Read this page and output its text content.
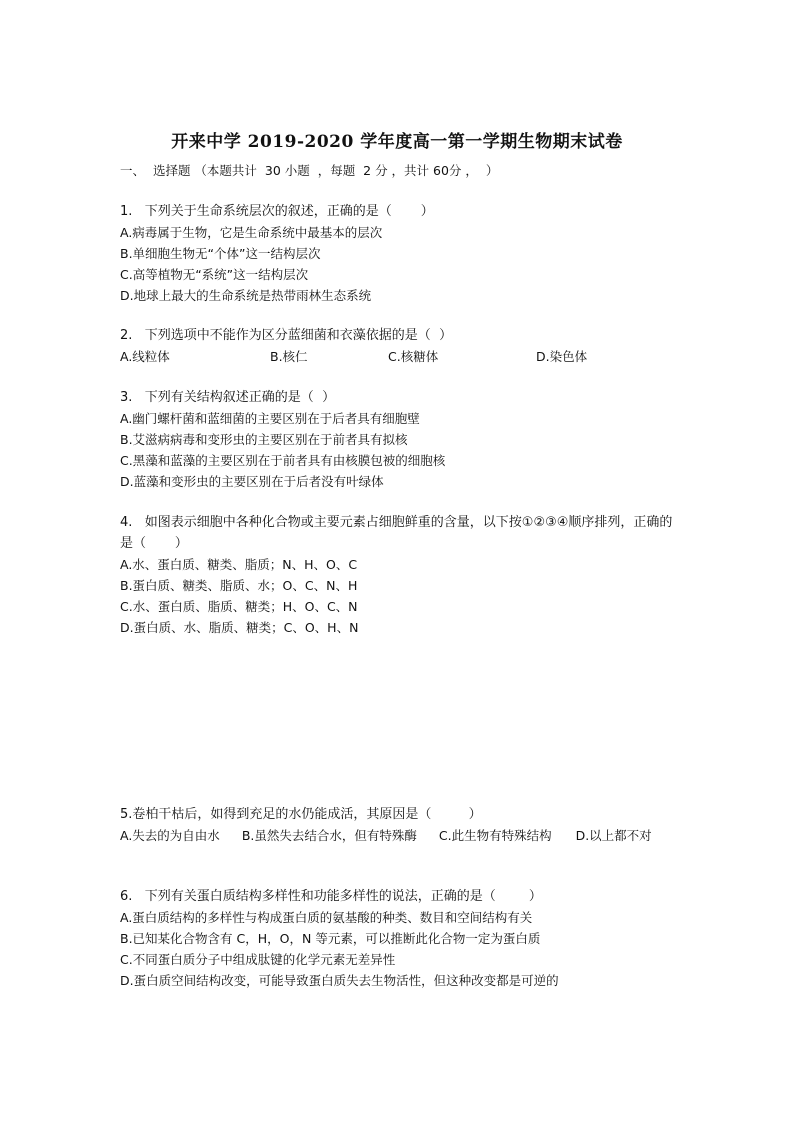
开来中学 2019-2020 学年度高一第一学期生物期末试卷
一、  选择题 （本题共计  30 小题  ，每题  2 分 ，共计 60分 ，  ）
1.   下列关于生命系统层次的叙述，正确的是（       ）
A.病毒属于生物，它是生命系统中最基本的层次
B.单细胞生物无“个体”这一结构层次
C.高等植物无“系统”这一结构层次
D.地球上最大的生命系统是热带雨林生态系统
2.   下列选项中不能作为区分蓝细菌和衣藻依据的是（  ）
A.线粒体	B.核仁	C.核糖体	D.染色体
3.   下列有关结构叙述正确的是（  ）
A.幽门螺杆菌和蓝细菌的主要区别在于后者具有细胞壁
B.艾滋病病毒和变形虫的主要区别在于前者具有拟核
C.黑藻和蓝藻的主要区别在于前者具有由核膜包被的细胞核
D.蓝藻和变形虫的主要区别在于后者没有叶绿体
4.   如图表示细胞中各种化合物或主要元素占细胞鲜重的含量，以下按①②③④顺序排列，正确的是（       ）
A.水、蛋白质、糖类、脂质；N、H、O、C
B.蛋白质、糖类、脂质、水；O、C、N、H
C.水、蛋白质、脂质、糖类；H、O、C、N
D.蛋白质、水、脂质、糖类；C、O、H、N
5.卷柏干枯后，如得到充足的水仍能成活，其原因是（         ）
A.失去的为自由水 B.虽然失去结合水，但有特殊酶 C.此生物有特殊结构 D.以上都不对
6.   下列有关蛋白质结构多样性和功能多样性的说法，正确的是（        ）
A.蛋白质结构的多样性与构成蛋白质的氨基酸的种类、数目和空间结构有关
B.已知某化合物含有 C，H，O，N 等元素，可以推断此化合物一定为蛋白质
C.不同蛋白质分子中组成肽键的化学元素无差异性
D.蛋白质空间结构改变，可能导致蛋白质失去生物活性，但这种改变都是可逆的
